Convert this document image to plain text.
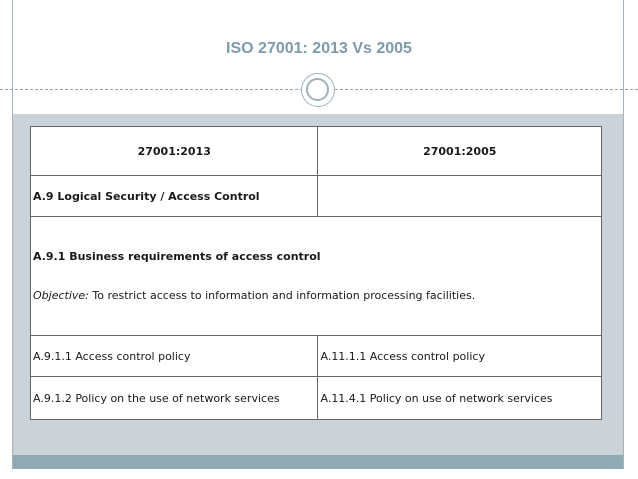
ISO 27001: 2013 Vs 2005
27001:2013	27001:2005
A.9 Logical Security / Access Control	

A.9.1 Business requirements of access control
Objective: To restrict access to information and information processing facilities.	

A.9.1.1 Access control policy	A.11.1.1 Access control policy
A.9.1.2 Policy on the use of network services	A.11.4.1 Policy on use of network services
